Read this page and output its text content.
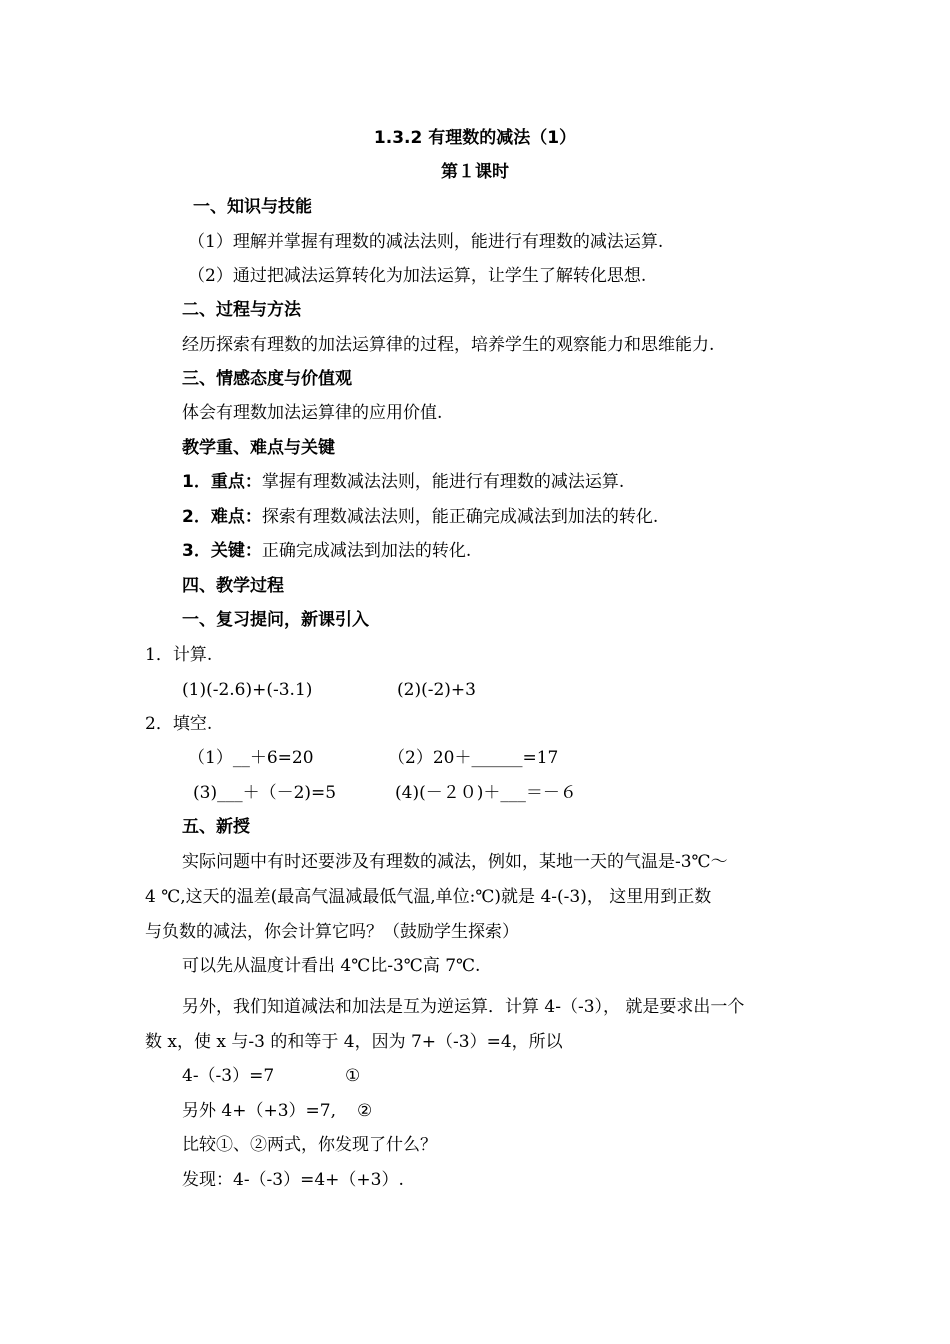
1.3.2 有理数的减法（1）
第１课时
一、知识与技能
（1）理解并掌握有理数的减法法则，能进行有理数的减法运算.
（2）通过把减法运算转化为加法运算，让学生了解转化思想.
二、过程与方法
经历探索有理数的加法运算律的过程，培养学生的观察能力和思维能力.
三、情感态度与价值观
体会有理数加法运算律的应用价值.
教学重、难点与关键
1．重点：掌握有理数减法法则，能进行有理数的减法运算.
2．难点：探索有理数减法法则，能正确完成减法到加法的转化.
3．关键：正确完成减法到加法的转化.
四、教学过程
一、复习提问，新课引入
1．计算.
(1)(-2.6)+(-3.1)	(2)(-2)+3
2．填空.
（1）__＋6=20	（2）20＋______=17
(3)___＋（－2)=5	(4)(－２０)＋___＝－６
五、新授
实际问题中有时还要涉及有理数的减法，例如，某地一天的气温是-3℃～
4 ℃,这天的温差(最高气温减最低气温,单位:℃)就是 4-(-3)， 这里用到正数
与负数的减法，你会计算它吗？（鼓励学生探索）
可以先从温度计看出 4℃比-3℃高 7℃.
另外，我们知道减法和加法是互为逆运算．计算 4-（-3）， 就是要求出一个
数 x，使 x 与-3 的和等于 4，因为 7+（-3）=4，所以
4-（-3）=7	①
另外 4+（+3）=7,	②
比较①、②两式，你发现了什么？
发现：4-（-3）=4+（+3）.
